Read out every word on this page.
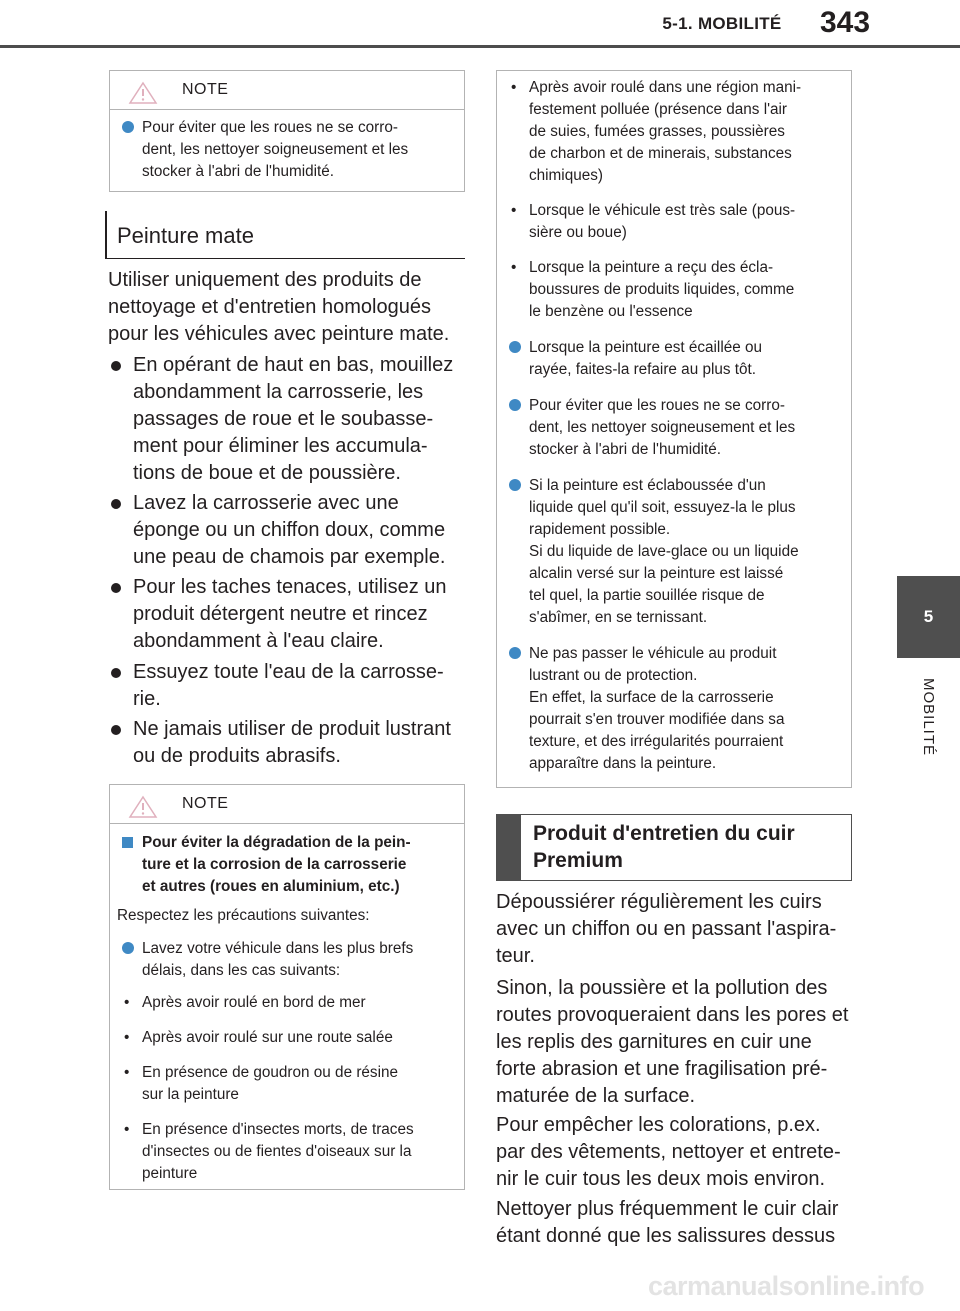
5-1. MOBILITÉ	343
5
MOBILITÉ
NOTE
Pour éviter que les roues ne se corro-
dent, les nettoyer soigneusement et les
stocker à l'abri de l'humidité.
Peinture mate
Utiliser uniquement des produits de
nettoyage et d'entretien homologués
pour les véhicules avec peinture mate.
En opérant de haut en bas, mouillez
abondamment la carrosserie, les
passages de roue et le soubasse-
ment pour éliminer les accumula-
tions de boue et de poussière.
Lavez la carrosserie avec une
éponge ou un chiffon doux, comme
une peau de chamois par exemple.
Pour les taches tenaces, utilisez un
produit détergent neutre et rincez
abondamment à l'eau claire.
Essuyez toute l'eau de la carrosse-
rie.
Ne jamais utiliser de produit lustrant
ou de produits abrasifs.
NOTE
Pour éviter la dégradation de la pein-
ture et la corrosion de la carrosserie
et autres (roues en aluminium, etc.)
Respectez les précautions suivantes:
Lavez votre véhicule dans les plus brefs
délais, dans les cas suivants:
• Après avoir roulé en bord de mer
• Après avoir roulé sur une route salée
• En présence de goudron ou de résine
sur la peinture
• En présence d'insectes morts, de traces
d'insectes ou de fientes d'oiseaux sur la
peinture
• Après avoir roulé dans une région mani-
festement polluée (présence dans l'air
de suies, fumées grasses, poussières
de charbon et de minerais, substances
chimiques)
• Lorsque le véhicule est très sale (pous-
sière ou boue)
• Lorsque la peinture a reçu des écla-
boussures de produits liquides, comme
le benzène ou l'essence
Lorsque la peinture est écaillée ou
rayée, faites-la refaire au plus tôt.
Pour éviter que les roues ne se corro-
dent, les nettoyer soigneusement et les
stocker à l'abri de l'humidité.
Si la peinture est éclaboussée d'un
liquide quel qu'il soit, essuyez-la le plus
rapidement possible.
Si du liquide de lave-glace ou un liquide
alcalin versé sur la peinture est laissé
tel quel, la partie souillée risque de
s'abîmer, en se ternissant.
Ne pas passer le véhicule au produit
lustrant ou de protection.
En effet, la surface de la carrosserie
pourrait s'en trouver modifiée dans sa
texture, et des irrégularités pourraient
apparaître dans la peinture.
Produit d'entretien du cuir
Premium
Dépoussiérer régulièrement les cuirs
avec un chiffon ou en passant l'aspira-
teur.
Sinon, la poussière et la pollution des
routes provoqueraient dans les pores et
les replis des garnitures en cuir une
forte abrasion et une fragilisation pré-
maturée de la surface.
Pour empêcher les colorations, p.ex.
par des vêtements, nettoyer et entrete-
nir le cuir tous les deux mois environ.
Nettoyer plus fréquemment le cuir clair
étant donné que les salissures dessus
carmanualsonline.info
